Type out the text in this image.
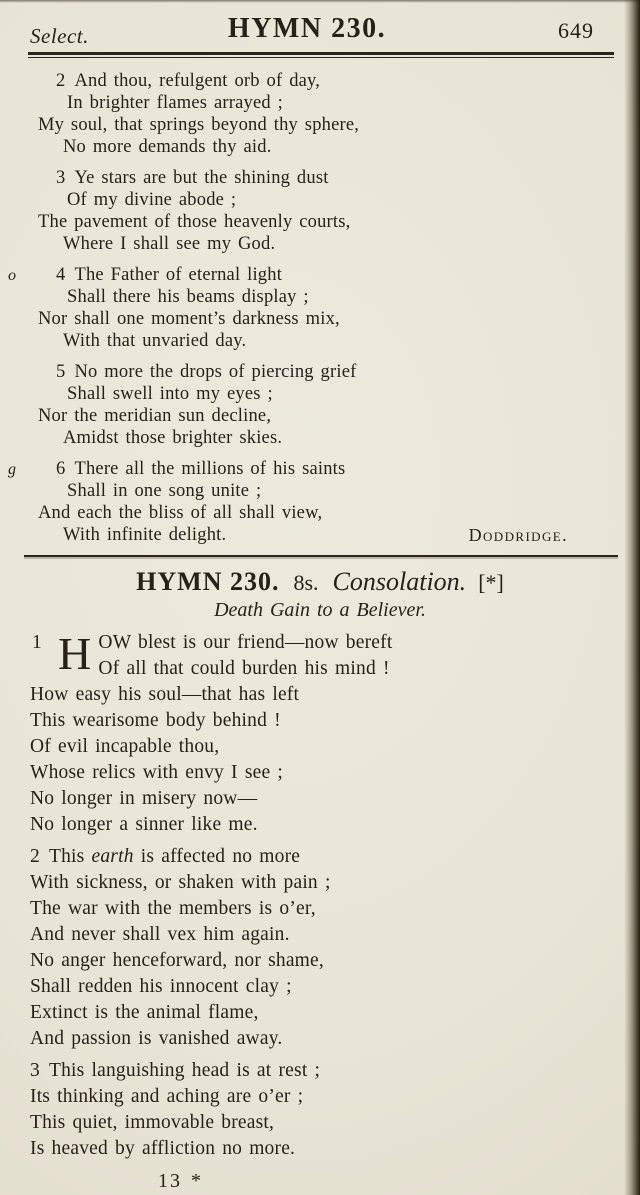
Select.	HYMN 230.	649
2 And thou, refulgent orb of day,
In brighter flames arrayed ;
My soul, that springs beyond thy sphere,
No more demands thy aid.
3 Ye stars are but the shining dust
Of my divine abode ;
The pavement of those heavenly courts,
Where I shall see my God.
o 4 The Father of eternal light
Shall there his beams display ;
Nor shall one moment’s darkness mix,
With that unvaried day.
5 No more the drops of piercing grief
Shall swell into my eyes ;
Nor the meridian sun decline,
Amidst those brighter skies.
g 6 There all the millions of his saints
Shall in one song unite ;
And each the bliss of all shall view,
With infinite delight.	Doddridge.
HYMN 230. 8s. Consolation. [*]
Death Gain to a Believer.
1 H OW blest is our friend—now bereft
Of all that could burden his mind !
How easy his soul—that has left
This wearisome body behind !
Of evil incapable thou,
Whose relics with envy I see ;
No longer in misery now—
No longer a sinner like me.
2 This earth is affected no more
With sickness, or shaken with pain ;
The war with the members is o’er,
And never shall vex him again.
No anger henceforward, nor shame,
Shall redden his innocent clay ;
Extinct is the animal flame,
And passion is vanished away.
3 This languishing head is at rest ;
Its thinking and aching are o’er ;
This quiet, immovable breast,
Is heaved by affliction no more.
13 *
